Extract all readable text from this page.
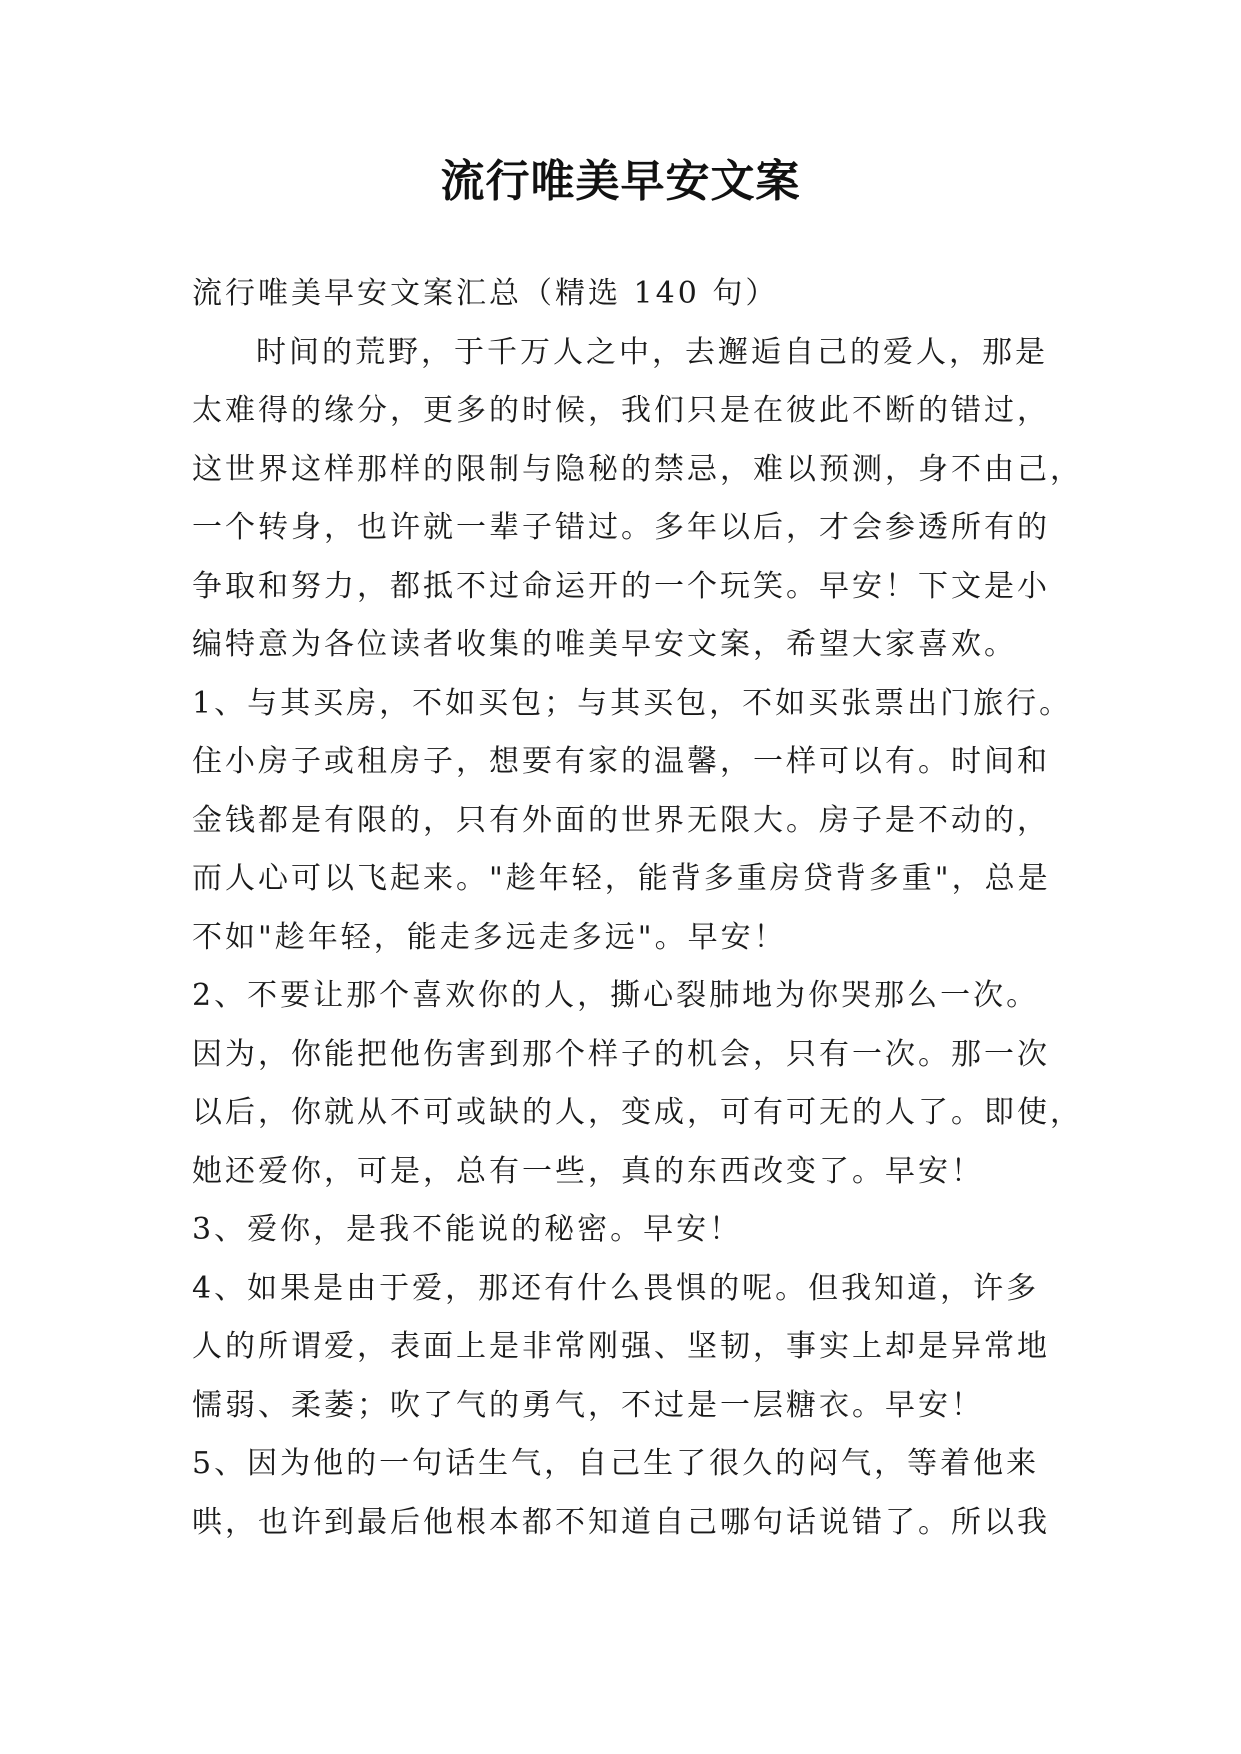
流行唯美早安文案
流行唯美早安文案汇总（精选 140 句）
时间的荒野，于千万人之中，去邂逅自己的爱人，那是
太难得的缘分，更多的时候，我们只是在彼此不断的错过，
这世界这样那样的限制与隐秘的禁忌，难以预测，身不由己，
一个转身，也许就一辈子错过。多年以后，才会参透所有的
争取和努力，都抵不过命运开的一个玩笑。早安！下文是小
编特意为各位读者收集的唯美早安文案，希望大家喜欢。
1、与其买房，不如买包；与其买包，不如买张票出门旅行。
住小房子或租房子，想要有家的温馨，一样可以有。时间和
金钱都是有限的，只有外面的世界无限大。房子是不动的，
而人心可以飞起来。"趁年轻，能背多重房贷背多重"，总是
不如"趁年轻，能走多远走多远"。早安！
2、不要让那个喜欢你的人，撕心裂肺地为你哭那么一次。
因为，你能把他伤害到那个样子的机会，只有一次。那一次
以后，你就从不可或缺的人，变成，可有可无的人了。即使，
她还爱你，可是，总有一些，真的东西改变了。早安！
3、爱你，是我不能说的秘密。早安！
4、如果是由于爱，那还有什么畏惧的呢。但我知道，许多
人的所谓爱，表面上是非常刚强、坚韧，事实上却是异常地
懦弱、柔萎；吹了气的勇气，不过是一层糖衣。早安！
5、因为他的一句话生气，自己生了很久的闷气，等着他来
哄，也许到最后他根本都不知道自己哪句话说错了。所以我
